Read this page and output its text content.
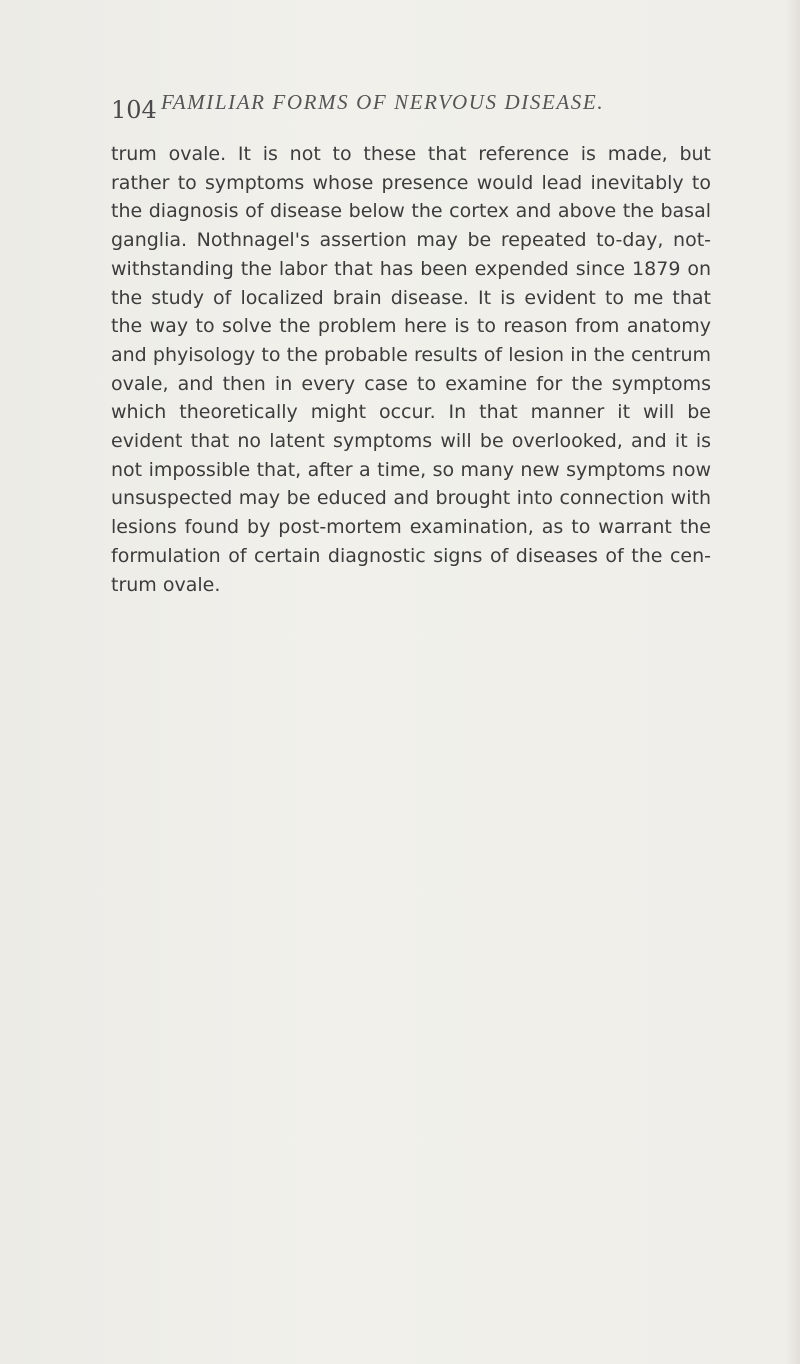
104 FAMILIAR FORMS OF NERVOUS DISEASE.

trum ovale. It is not to these that reference is made, but
rather to symptoms whose presence would lead inevitably to
the diagnosis of disease below the cortex and above the basal
ganglia. Nothnagel's assertion may be repeated to-day, not-
withstanding the labor that has been expended since 1879 on
the study of localized brain disease. It is evident to me that
the way to solve the problem here is to reason from anatomy
and phyisology to the probable results of lesion in the centrum
ovale, and then in every case to examine for the symptoms
which theoretically might occur. In that manner it will be
evident that no latent symptoms will be overlooked, and it is
not impossible that, after a time, so many new symptoms now
unsuspected may be educed and brought into connection with
lesions found by post-mortem examination, as to warrant the
formulation of certain diagnostic signs of diseases of the cen-
trum ovale.
